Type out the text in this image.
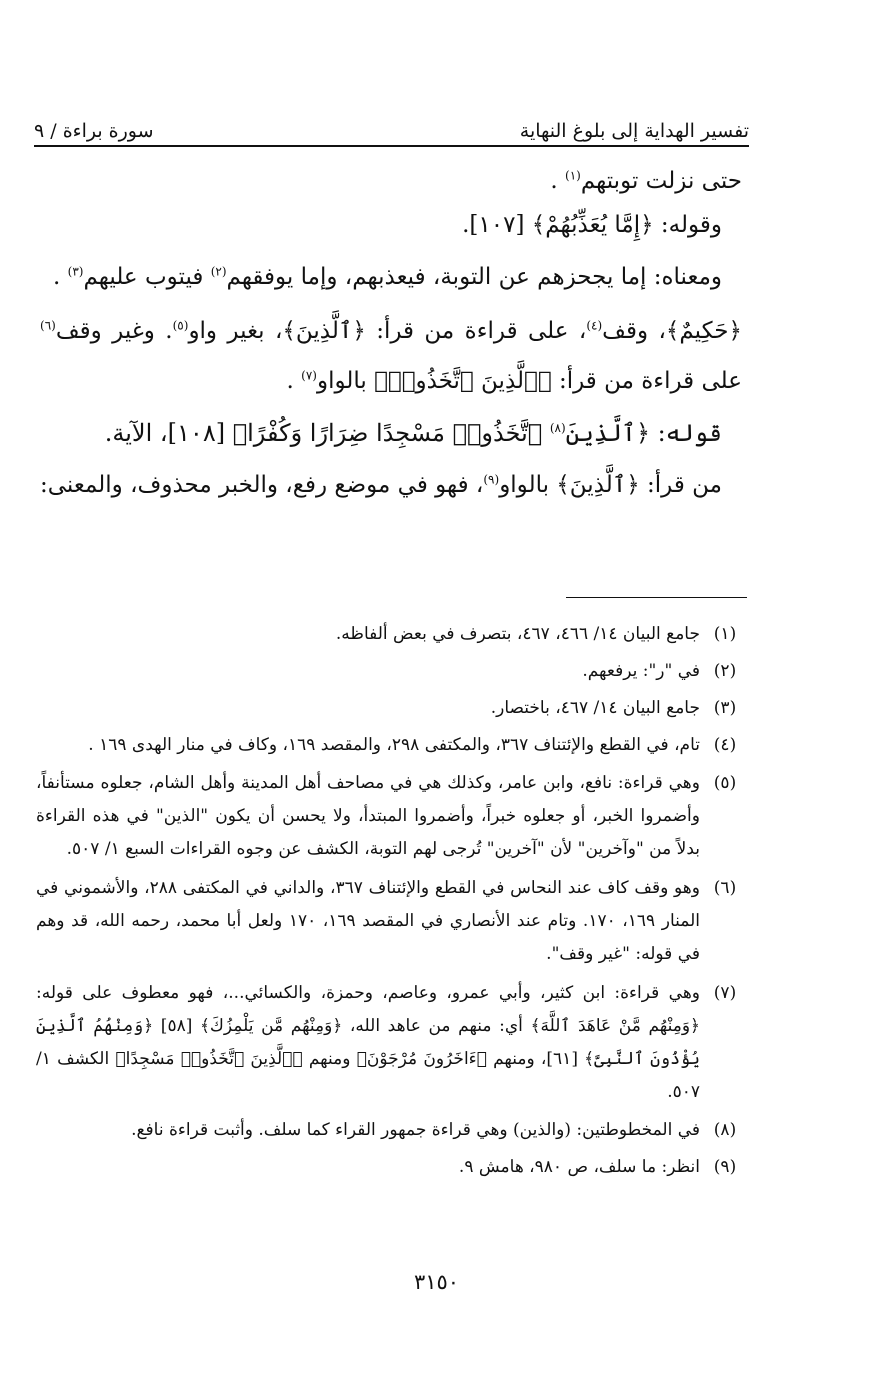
تفسير الهداية إلى بلوغ النهاية
سورة براءة / ٩

حتى نزلت توبتهم$^{(١)}$ .

وقوله: ﴿إِمَّا يُعَذِّبُهُمْ﴾ [١٠٧].

ومعناه: إما يجحزهم عن التوبة، فيعذبهم، وإما يوفقهم$^{(٢)}$ فيتوب عليهم$^{(٣)}$ .

﴿حَكِيمٌ﴾، وقف$^{(٤)}$، على قراءة من قرأ: ﴿ٱلَّذِينَ﴾، بغير واو$^{(٥)}$. وغير وقف$^{(٦)}$

على قراءة من قرأ: ﴿ٱلَّذِينَ ٱتَّخَذُوا۟﴾ بالواو$^{(٧)}$ .

قوله: ﴿ٱلَّذِينَ$^{(٨)}$ ٱتَّخَذُوا۟ مَسْجِدًا ضِرَارًا وَكُفْرًا﴾ [١٠٨]، الآية.

من قرأ: ﴿ٱلَّذِينَ﴾ بالواو$^{(٩)}$، فهو في موضع رفع، والخبر محذوف، والمعنى:

(١)
جامع البيان ١٤/ ٤٦٦، ٤٦٧، بتصرف في بعض ألفاظه.
(٢)
في "ر": يرفعهم.
(٣)
جامع البيان ١٤/ ٤٦٧، باختصار.
(٤)
تام، في القطع والإئتناف ٣٦٧، والمكتفى ٢٩٨، والمقصد ١٦٩، وكاف في منار الهدى ١٦٩ .
(٥)
وهي قراءة: نافع، وابن عامر، وكذلك هي في مصاحف أهل المدينة وأهل الشام، جعلوه مستأنفاً، وأضمروا الخبر، أو جعلوه خبراً، وأضمروا المبتدأ، ولا يحسن أن يكون "الذين" في هذه القراءة بدلاً من "وآخرين" لأن "آخرين" تُرجى لهم التوبة، الكشف عن وجوه القراءات السبع ١/ ٥٠٧.
(٦)
وهو وقف كاف عند النحاس في القطع والإئتناف ٣٦٧، والداني في المكتفى ٢٨٨، والأشموني في المنار ١٦٩، ١٧٠. وتام عند الأنصاري في المقصد ١٦٩، ١٧٠ ولعل أبا محمد، رحمه الله، قد وهم في قوله: "غير وقف".
(٧)
وهي قراءة: ابن كثير، وأبي عمرو، وعاصم، وحمزة، والكسائي...، فهو معطوف على قوله: ﴿وَمِنْهُم مَّنْ عَاهَدَ ٱللَّهَ﴾ أي: منهم من عاهد الله، ﴿وَمِنْهُم مَّن يَلْمِزُكَ﴾ [٥٨] ﴿وَمِنْهُمُ ٱلَّذِينَ يُؤْذُونَ ٱلنَّبِىَّ﴾ [٦١]، ومنهم ﴿ءَاخَرُونَ مُرْجَوْنَ﴾ ومنهم ﴿ٱلَّذِينَ ٱتَّخَذُوا۟ مَسْجِدًا﴾ الكشف ١/ ٥٠٧.
(٨)
في المخطوطتين: (والذين) وهي قراءة جمهور القراء كما سلف. وأثبت قراءة نافع.
(٩)
انظر: ما سلف، ص ٩٨٠، هامش ٩.
٣١٥٠
